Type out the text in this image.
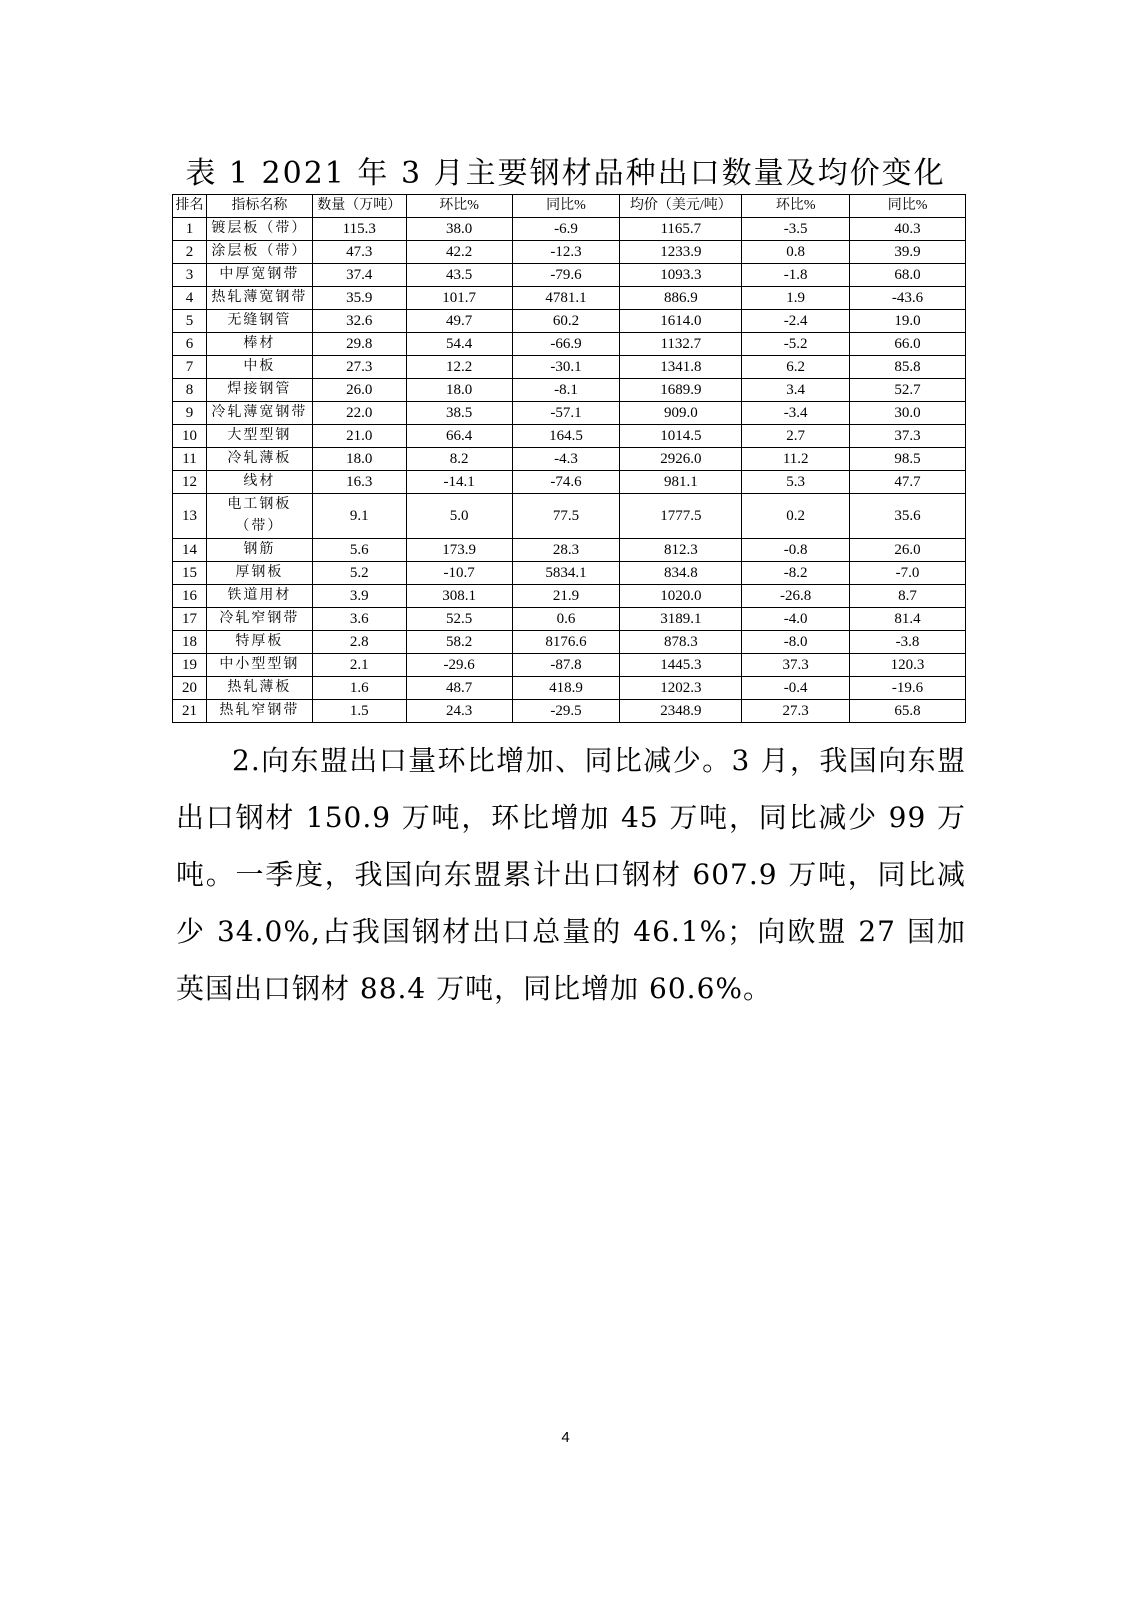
表 1 2021 年 3 月主要钢材品种出口数量及均价变化
排名	指标名称	数量（万吨）	环比%	同比%	均价（美元/吨）	环比%	同比%
1	镀层板（带）	115.3	38.0	-6.9	1165.7	-3.5	40.3
2	涂层板（带）	47.3	42.2	-12.3	1233.9	0.8	39.9
3	中厚宽钢带	37.4	43.5	-79.6	1093.3	-1.8	68.0
4	热轧薄宽钢带	35.9	101.7	4781.1	886.9	1.9	-43.6
5	无缝钢管	32.6	49.7	60.2	1614.0	-2.4	19.0
6	棒材	29.8	54.4	-66.9	1132.7	-5.2	66.0
7	中板	27.3	12.2	-30.1	1341.8	6.2	85.8
8	焊接钢管	26.0	18.0	-8.1	1689.9	3.4	52.7
9	冷轧薄宽钢带	22.0	38.5	-57.1	909.0	-3.4	30.0
10	大型型钢	21.0	66.4	164.5	1014.5	2.7	37.3
11	冷轧薄板	18.0	8.2	-4.3	2926.0	11.2	98.5
12	线材	16.3	-14.1	-74.6	981.1	5.3	47.7
13	电工钢板（带）	9.1	5.0	77.5	1777.5	0.2	35.6
14	钢筋	5.6	173.9	28.3	812.3	-0.8	26.0
15	厚钢板	5.2	-10.7	5834.1	834.8	-8.2	-7.0
16	铁道用材	3.9	308.1	21.9	1020.0	-26.8	8.7
17	冷轧窄钢带	3.6	52.5	0.6	3189.1	-4.0	81.4
18	特厚板	2.8	58.2	8176.6	878.3	-8.0	-3.8
19	中小型型钢	2.1	-29.6	-87.8	1445.3	37.3	120.3
20	热轧薄板	1.6	48.7	418.9	1202.3	-0.4	-19.6
21	热轧窄钢带	1.5	24.3	-29.5	2348.9	27.3	65.8

2.向东盟出口量环比增加、同比减少。3 月，我国向东盟出口钢材 150.9 万吨，环比增加 45 万吨，同比减少 99 万吨。一季度，我国向东盟累计出口钢材 607.9 万吨，同比减少 34.0%,占我国钢材出口总量的 46.1%；向欧盟 27 国加英国出口钢材 88.4 万吨，同比增加 60.6%。

4
